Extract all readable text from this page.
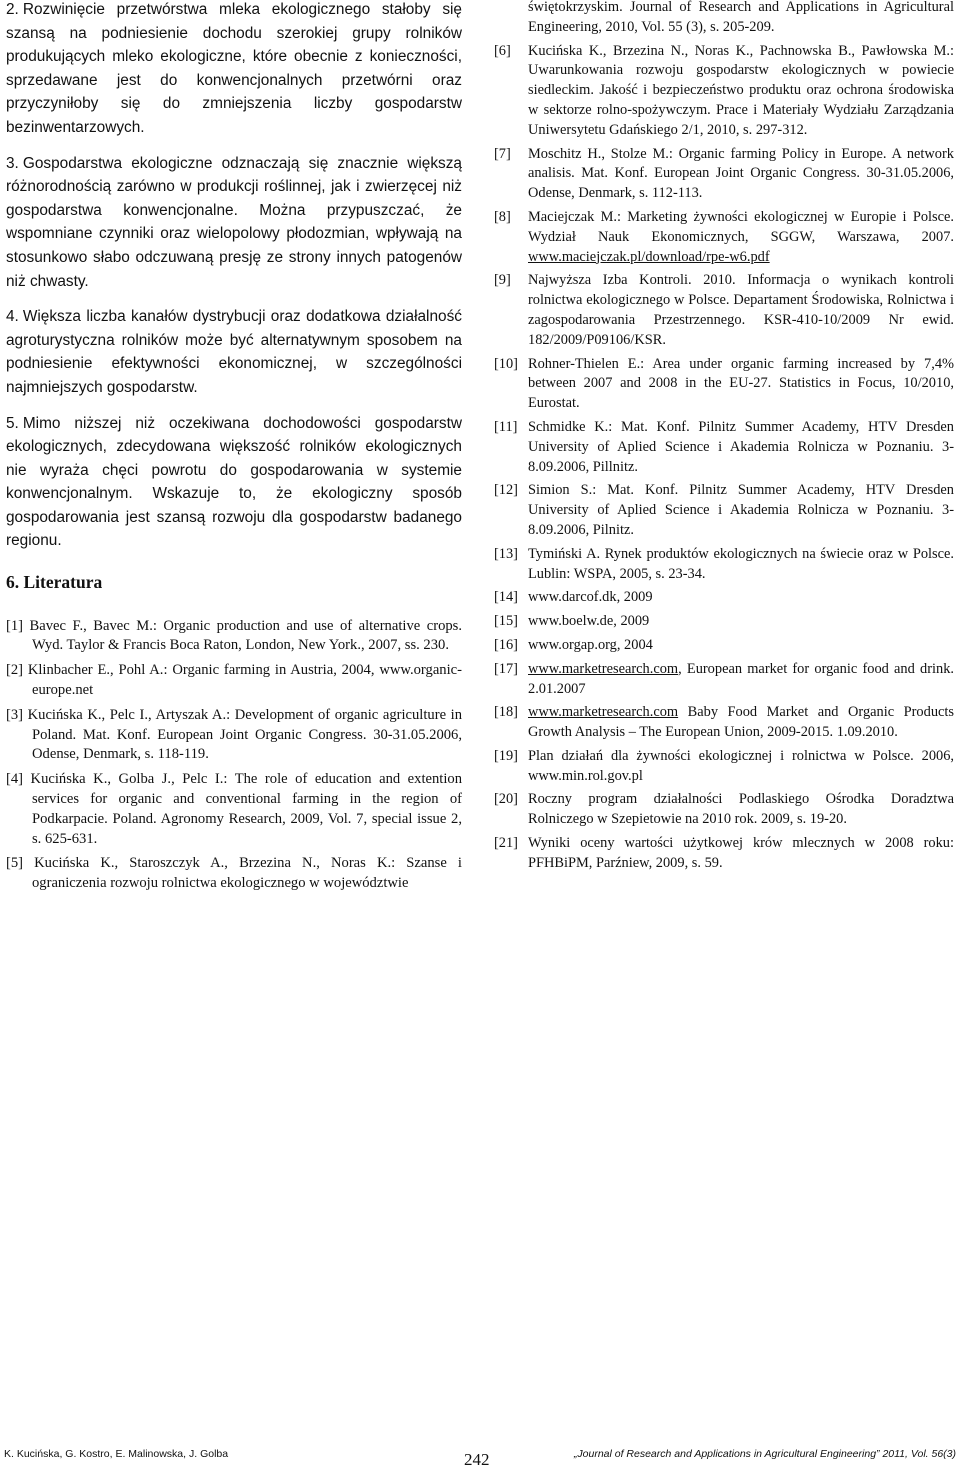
2. Rozwinięcie przetwórstwa mleka ekologicznego stałoby się szansą na podniesienie dochodu szerokiej grupy rolników produkujących mleko ekologiczne, które obecnie z konieczności, sprzedawane jest do konwencjonalnych przetwórni oraz przyczyniłoby się do zmniejszenia liczby gospodarstw bezinwentarzowych.

3. Gospodarstwa ekologiczne odznaczają się znacznie większą różnorodnością zarówno w produkcji roślinnej, jak i zwierzęcej niż gospodarstwa konwencjonalne. Można przypuszczać, że wspomniane czynniki oraz wielopolowy płodozmian, wpływają na stosunkowo słabo odczuwaną presję ze strony innych patogenów niż chwasty.

4. Większa liczba kanałów dystrybucji oraz dodatkowa działalność agroturystyczna rolników może być alternatywnym sposobem na podniesienie efektywności ekonomicznej, w szczególności najmniejszych gospodarstw.

5. Mimo niższej niż oczekiwana dochodowości gospodarstw ekologicznych, zdecydowana większość rolników ekologicznych nie wyraża chęci powrotu do gospodarowania w systemie konwencjonalnym. Wskazuje to, że ekologiczny sposób gospodarowania jest szansą rozwoju dla gospodarstw badanego regionu.

6. Literatura
[1] Bavec F., Bavec M.: Organic production and use of alternative crops. Wyd. Taylor & Francis Boca Raton, London, New York., 2007, ss. 230.
[2] Klinbacher E., Pohl A.: Organic farming in Austria, 2004, www.organic-europe.net
[3] Kucińska K., Pelc I., Artyszak A.: Development of organic agriculture in Poland. Mat. Konf. European Joint Organic Congress. 30-31.05.2006, Odense, Denmark, s. 118-119.
[4] Kucińska K., Golba J., Pelc I.: The role of education and extention services for organic and conventional farming in the region of Podkarpacie. Poland. Agronomy Research, 2009, Vol. 7, special issue 2, s. 625-631.
[5] Kucińska K., Staroszczyk A., Brzezina N., Noras K.: Szanse i ograniczenia rozwoju rolnictwa ekologicznego w województwie
świętokrzyskim. Journal of Research and Applications in Agricultural Engineering, 2010, Vol. 55 (3), s. 205-209.
[6]	Kucińska K., Brzezina N., Noras K., Pachnowska B., Pawłowska M.: Uwarunkowania rozwoju gospodarstw ekologicznych w powiecie siedleckim. Jakość i bezpieczeństwo produktu oraz ochrona środowiska w sektorze rolno-spożywczym. Prace i Materiały Wydziału Zarządzania Uniwersytetu Gdańskiego 2/1, 2010, s. 297-312.
[7]	Moschitz H., Stolze M.: Organic farming Policy in Europe. A network analisis. Mat. Konf. European Joint Organic Congress. 30-31.05.2006, Odense, Denmark, s. 112-113.
[8]	Maciejczak M.: Marketing żywności ekologicznej w Europie i Polsce. Wydział Nauk Ekonomicznych, SGGW, Warszawa, 2007. www.maciejczak.pl/download/rpe-w6.pdf
[9]	Najwyższa Izba Kontroli. 2010. Informacja o wynikach kontroli rolnictwa ekologicznego w Polsce. Departament Środowiska, Rolnictwa i zagospodarowania Przestrzennego. KSR-410-10/2009 Nr ewid. 182/2009/P09106/KSR.
[10] Rohner-Thielen E.: Area under organic farming increased by 7,4% between 2007 and 2008 in the EU-27. Statistics in Focus, 10/2010, Eurostat.
[11] Schmidke K.: Mat. Konf. Pilnitz Summer Academy, HTV Dresden University of Aplied Science i Akademia Rolnicza w Poznaniu. 3-8.09.2006, Pillnitz.
[12] Simion S.: Mat. Konf. Pilnitz Summer Academy, HTV Dresden University of Aplied Science i Akademia Rolnicza w Poznaniu. 3-8.09.2006, Pilnitz.
[13] Tymiński A. Rynek produktów ekologicznych na świecie oraz w Polsce. Lublin: WSPA, 2005, s. 23-34.
[14] www.darcof.dk, 2009
[15] www.boelw.de, 2009
[16] www.orgap.org, 2004
[17] www.marketresearch.com, European market for organic food and drink. 2.01.2007
[18] www.marketresearch.com Baby Food Market and Organic Products Growth Analysis – The European Union, 2009-2015. 1.09.2010.
[19] Plan działań dla żywności ekologicznej i rolnictwa w Polsce. 2006, www.min.rol.gov.pl
[20] Roczny program działalności Podlaskiego Ośrodka Doradztwa Rolniczego w Szepietowie na 2010 rok. 2009, s. 19-20.
[21] Wyniki oceny wartości użytkowej krów mlecznych w 2008 roku: PFHBiPM, Parźniew, 2009, s. 59.
K. Kucińska, G. Kostro, E. Malinowska, J. Golba	242	„Journal of Research and Applications in Agricultural Engineering” 2011, Vol. 56(3)
